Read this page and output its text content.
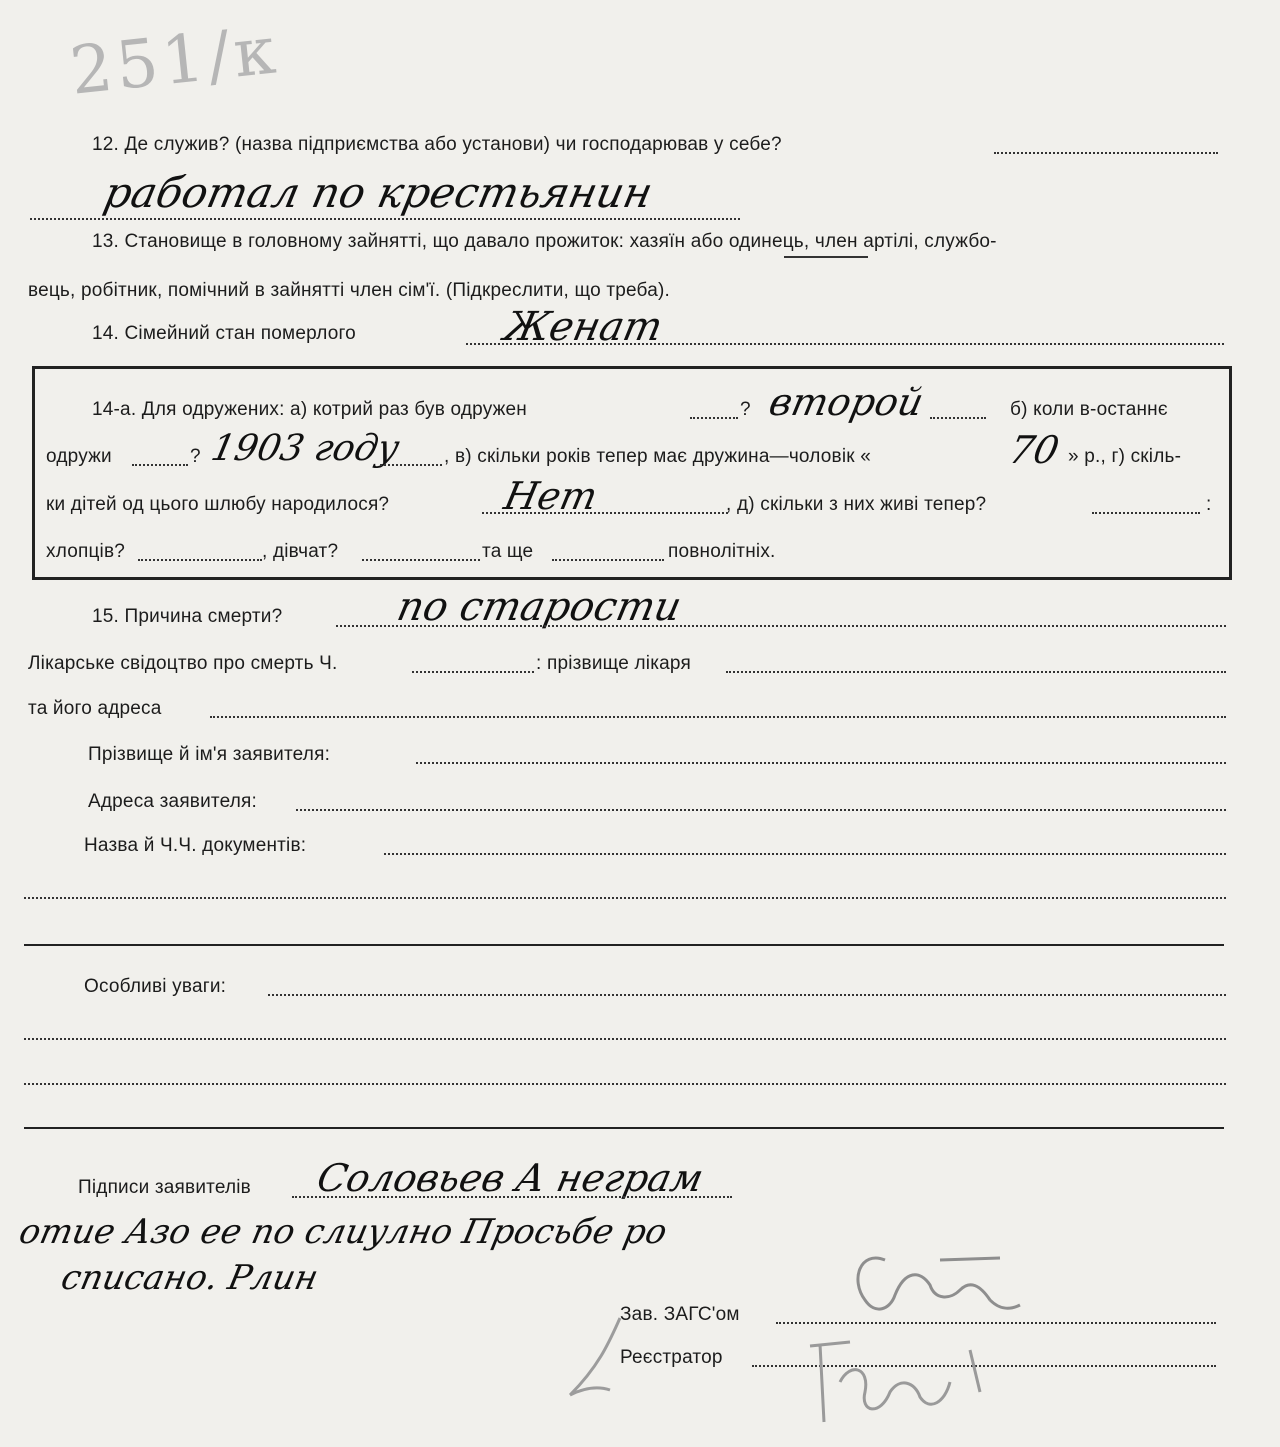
251/к
12. Де служив? (назва підприємства або установи) чи господарював у себе?
работал по крестьянин
13. Становище в головному зайнятті, що давало прожиток: хазяїн або одинець, член артілі, службо-
вець, робітник, помічний в зайнятті член сім'ї. (Підкреслити, що треба).
14. Сімейний стан померлого	Женат
14-а. Для одружених: а) котрий раз був одружен	? второй	б) коли в-останнє
одружи	? 1903 году , в) скільки років тепер має дружина—чоловік «	70 » р., г) скіль-
ки дітей од цього шлюбу народилося?	Нет	, д) скільки з них живі тепер?	:
хлопців?	, дівчат?	та ще	повнолітніх.
15. Причина смерти?	по старости
Лікарське свідоцтво про смерть Ч.	: прізвище лікаря
та його адреса
Прізвище й ім'я заявителя:
Адреса заявителя:
Назва й Ч.Ч. документів:
Особливі уваги:
Підписи заявителів Соловьев А неграм
отие Азо ее по слиулно Просьбе ро
списано. Рлин
Зав. ЗАГС'ом
Реєстратор
